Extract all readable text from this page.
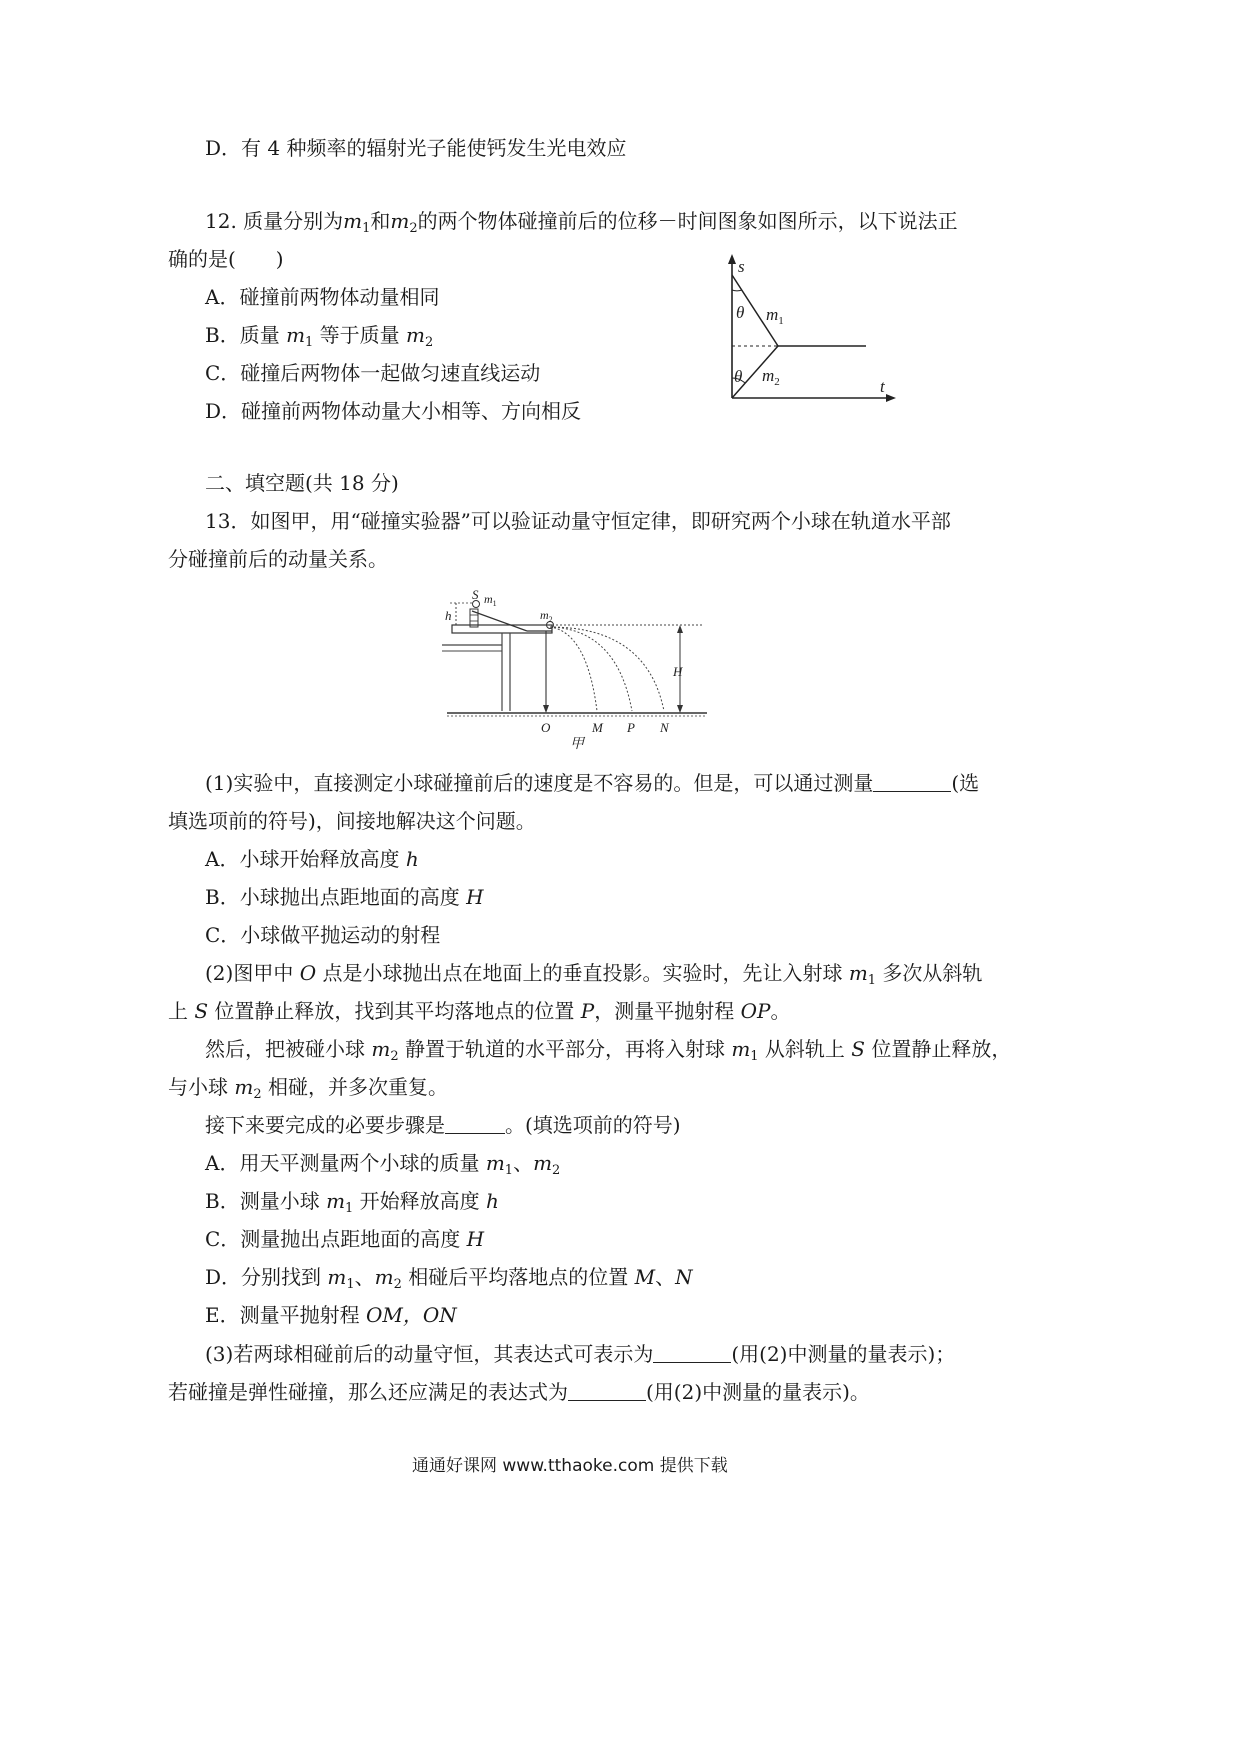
D．有 4 种频率的辐射光子能使钙发生光电效应
12. 质量分别为$m_1$和$m_2$的两个物体碰撞前后的位移－时间图象如图所示，以下说法正
确的是(　　)
A．碰撞前两物体动量相同
B．质量 $m_1$ 等于质量 $m_2$
C．碰撞后两物体一起做匀速直线运动
D．碰撞前两物体动量大小相等、方向相反
s
t
θ
θ
$m_1$
$m_2$
二、填空题(共 18 分)
13．如图甲，用“碰撞实验器”可以验证动量守恒定律，即研究两个小球在轨道水平部
分碰撞前后的动量关系。
S $m_1$
h	$m_2$
H
O	M P N
甲
(1)实验中，直接测定小球碰撞前后的速度是不容易的。但是，可以通过测量	(选
填选项前的符号)，间接地解决这个问题。
A．小球开始释放高度 h
B．小球抛出点距地面的高度 H
C．小球做平抛运动的射程
(2)图甲中 O 点是小球抛出点在地面上的垂直投影。实验时，先让入射球 $m_1$ 多次从斜轨
上 S 位置静止释放，找到其平均落地点的位置 P，测量平抛射程 OP。
然后，把被碰小球 $m_2$ 静置于轨道的水平部分，再将入射球 $m_1$ 从斜轨上 S 位置静止释放，
与小球 $m_2$ 相碰，并多次重复。
接下来要完成的必要步骤是	。(填选项前的符号)
A．用天平测量两个小球的质量 $m_1$、$m_2$
B．测量小球 $m_1$ 开始释放高度 h
C．测量抛出点距地面的高度 H
D．分别找到 $m_1$、$m_2$ 相碰后平均落地点的位置 M、N
E．测量平抛射程 OM，ON
(3)若两球相碰前后的动量守恒，其表达式可表示为	(用(2)中测量的量表示)；
若碰撞是弹性碰撞，那么还应满足的表达式为	(用(2)中测量的量表示)。
通通好课网 www.tthaoke.com 提供下载
